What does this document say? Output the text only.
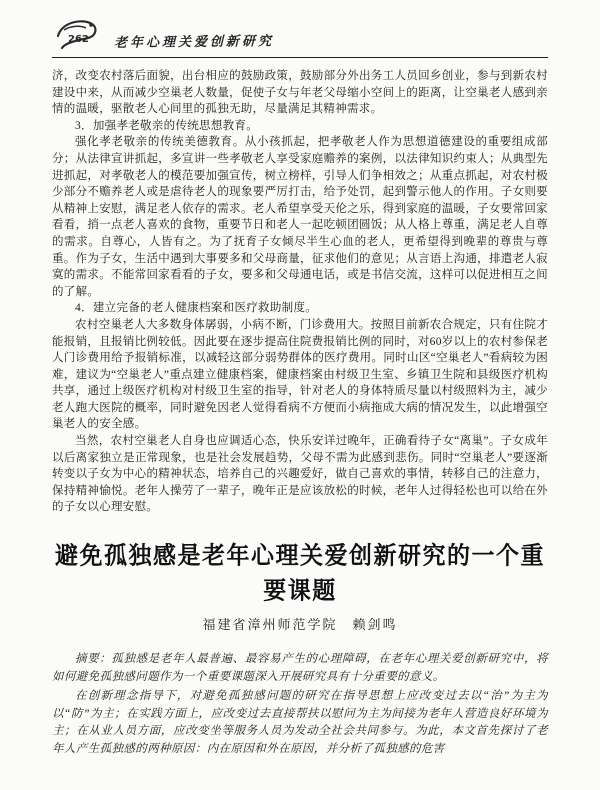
262 老年心理关爱创新研究

济，改变农村落后面貌，出台相应的鼓励政策，鼓励部分外出务工人员回乡创业，参与到新农村建设中来，从而减少空巢老人数量，促使子女与年老父母缩小空间上的距离，让空巢老人感到亲情的温暖，驱散老人心间里的孤独无助，尽量满足其精神需求。

3．加强孝老敬亲的传统思想教育。

强化孝老敬亲的传统美德教育。从小孩抓起，把孝敬老人作为思想道德建设的重要组成部分；从法律宣讲抓起，多宣讲一些孝敬老人享受家庭赡养的案例，以法律知识约束人；从典型先进抓起，对孝敬老人的模范要加强宣传，树立榜样，引导人们争相效之；从重点抓起，对农村极少部分不赡养老人或是虐待老人的现象要严厉打击，给予处罚，起到警示他人的作用。子女则要从精神上安慰，满足老人依存的需求。老人希望享受天伦之乐，得到家庭的温暖，子女要常回家看看，捎一点老人喜欢的食物，重要节日和老人一起吃顿团圆饭；从人格上尊重，满足老人自尊的需求。自尊心，人皆有之。为了抚育子女倾尽半生心血的老人，更希望得到晚辈的尊贵与尊重。作为子女，生活中遇到大事要多和父母商量，征求他们的意见；从言语上沟通，排遣老人寂寞的需求。不能常回家看看的子女，要多和父母通电话，或是书信交流，这样可以促进相互之间的了解。

4．建立完备的老人健康档案和医疗救助制度。

农村空巢老人大多数身体孱弱，小病不断，门诊费用大。按照目前新农合规定，只有住院才能报销，且报销比例较低。因此要在逐步提高住院费报销比例的同时，对60岁以上的农村参保老人门诊费用给予报销标准，以减轻这部分弱势群体的医疗费用。同时山区“空巢老人”看病较为困难，建议为“空巢老人”重点建立健康档案，健康档案由村级卫生室、乡镇卫生院和县级医疗机构共享，通过上级医疗机构对村级卫生室的指导，针对老人的身体特质尽量以村级照料为主，减少老人跑大医院的概率，同时避免因老人觉得看病不方便而小病拖成大病的情况发生，以此增强空巢老人的安全感。

当然，农村空巢老人自身也应调适心态，快乐安详过晚年，正确看待子女“离巢”。子女成年以后离家独立是正常现象，也是社会发展趋势，父母不需为此感到悲伤。同时“空巢老人”要逐渐转变以子女为中心的精神状态，培养自己的兴趣爱好，做自己喜欢的事情，转移自己的注意力，保持精神愉悦。老年人操劳了一辈子，晚年正是应该放松的时候，老年人过得轻松也可以给在外的子女以心理安慰。

避免孤独感是老年心理关爱创新研究的一个重要课题
福建省漳州师范学院　赖剑鸣

摘要：孤独感是老年人最普遍、最容易产生的心理障碍，在老年心理关爱创新研究中，将如何避免孤独感问题作为一个重要课题深入开展研究具有十分重要的意义。

在创新理念指导下，对避免孤独感问题的研究在指导思想上应改变过去以“治”为主为以“防”为主；在实践方面上，应改变过去直接帮扶以慰问为主为间接为老年人营造良好环境为主；在从业人员方面，应改变坐等服务人员为发动全社会共同参与。为此，本文首先探讨了老年人产生孤独感的两种原因：内在原因和外在原因，并分析了孤独感的危害
